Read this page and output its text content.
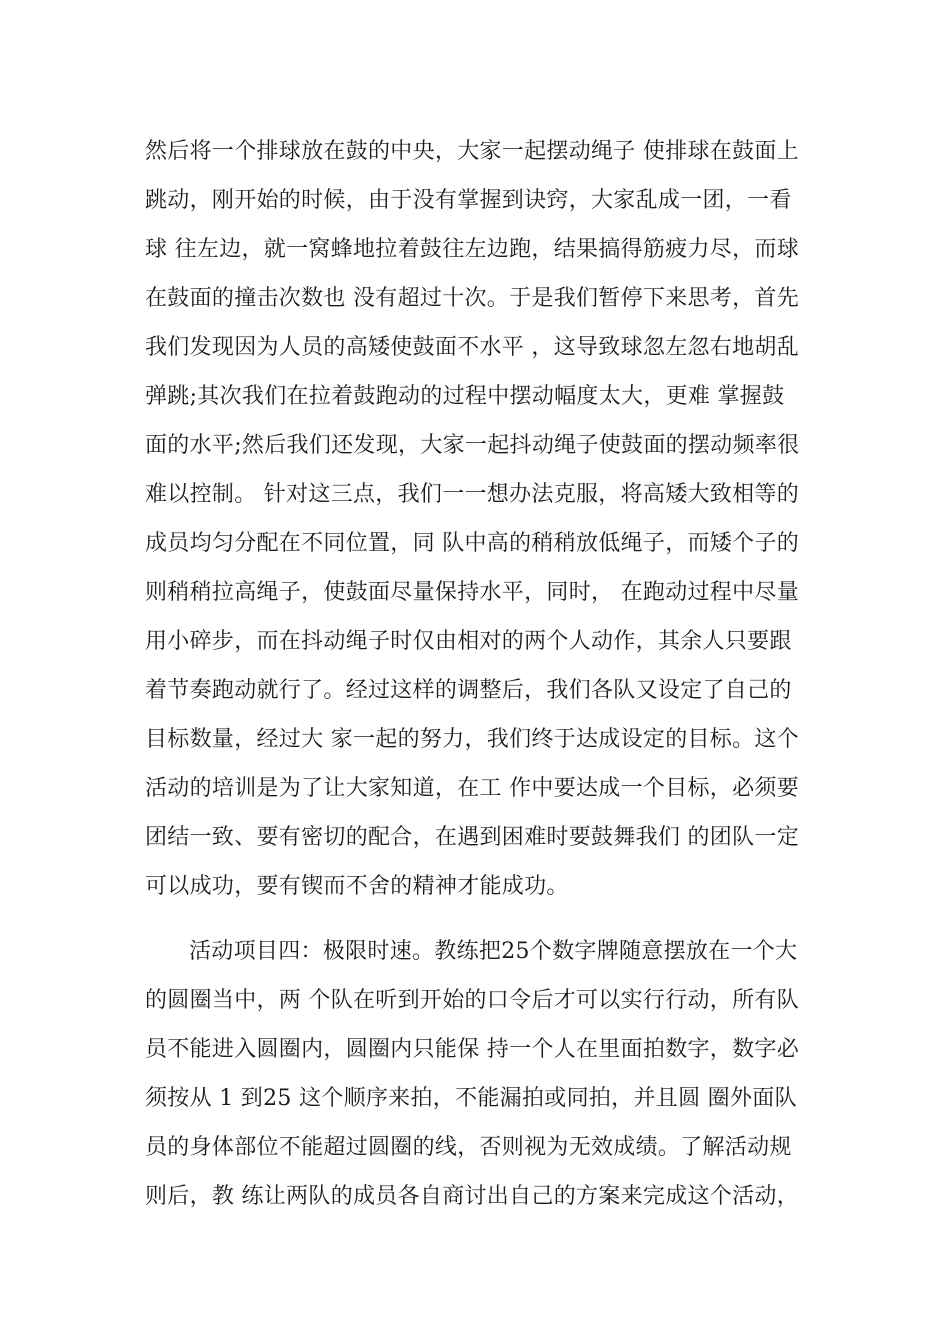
然后将一个排球放在鼓的中央，大家一起摆动绳子 使排球在鼓面上
跳动，刚开始的时候，由于没有掌握到诀窍，大家乱成一团，一看
球 往左边，就一窝蜂地拉着鼓往左边跑，结果搞得筋疲力尽，而球
在鼓面的撞击次数也 没有超过十次。于是我们暂停下来思考，首先
我们发现因为人员的高矮使鼓面不水平 ，这导致球忽左忽右地胡乱
弹跳;其次我们在拉着鼓跑动的过程中摆动幅度太大，更难 掌握鼓
面的水平;然后我们还发现，大家一起抖动绳子使鼓面的摆动频率很
难以控制。 针对这三点，我们一一想办法克服，将高矮大致相等的
成员均匀分配在不同位置，同 队中高的稍稍放低绳子，而矮个子的
则稍稍拉高绳子，使鼓面尽量保持水平，同时， 在跑动过程中尽量
用小碎步，而在抖动绳子时仅由相对的两个人动作，其余人只要跟
着节奏跑动就行了。经过这样的调整后，我们各队又设定了自己的
目标数量，经过大 家一起的努力，我们终于达成设定的目标。这个
活动的培训是为了让大家知道，在工 作中要达成一个目标，必须要
团结一致、要有密切的配合，在遇到困难时要鼓舞我们 的团队一定
可以成功，要有锲而不舍的精神才能成功。
活动项目四：极限时速。教练把25个数字牌随意摆放在一个大
的圆圈当中，两 个队在听到开始的口令后才可以实行行动，所有队
员不能进入圆圈内，圆圈内只能保 持一个人在里面拍数字，数字必
须按从 1 到25 这个顺序来拍，不能漏拍或同拍，并且圆 圈外面队
员的身体部位不能超过圆圈的线，否则视为无效成绩。了解活动规
则后，教 练让两队的成员各自商讨出自己的方案来完成这个活动，
